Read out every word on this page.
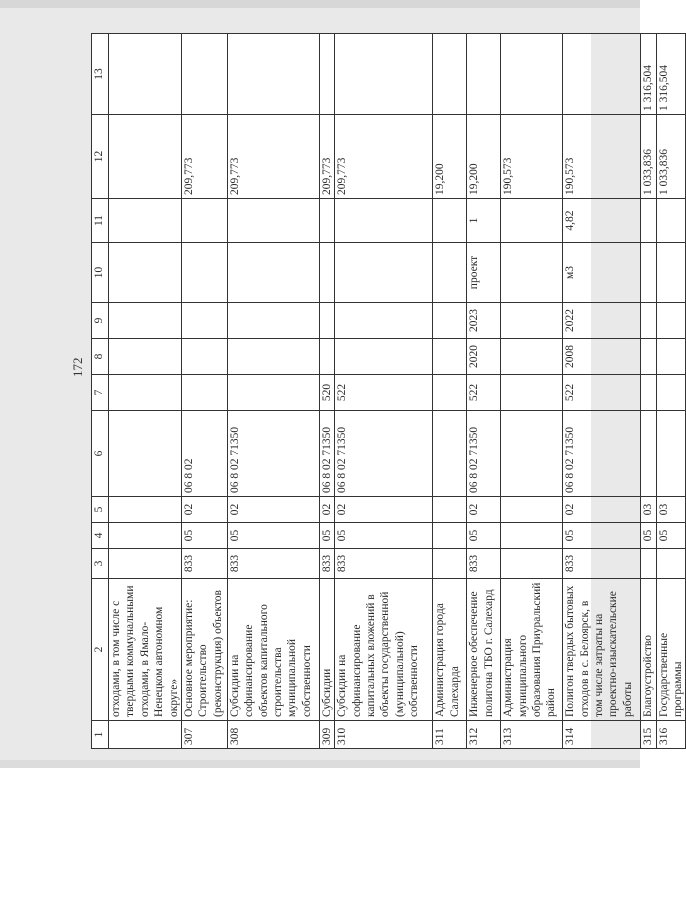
172
1	2	3	4	5	6	7	8	9	10	11	12	13
	отходами, в том числе с твердыми коммунальными отходами, в Ямало-Ненецком автономном округе»											
307	Основное мероприятие: Строительство (реконструкция) объектов	833	05	02	06 8 02						209,773	
308	Субсидии на софинансирование объектов капитального строительства муниципальной собственности	833	05	02	06 8 02 71350						209,773	
309	Субсидии	833	05	02	06 8 02 71350	520					209,773	
310	Субсидии на софинансирование капитальных вложений в объекты государственной (муниципальной) собственности	833	05	02	06 8 02 71350	522					209,773	
311	Администрация города Салехарда										19,200	
312	Инженерное обеспечение полигона ТБО г. Салехард	833	05	02	06 8 02 71350	522	2020	2023	проект	1	19,200	
313	Администрация муниципального образования Приуральский район										190,573	
314	Полигон твердых бытовых отходов в с. Белоярск, в том числе затраты на проектно-изыскательские работы	833	05	02	06 8 02 71350	522	2008	2022	м3	4,82	190,573	
315	Благоустройство		05	03							1 033,836	1 316,504
316	Государственные программы		05	03							1 033,836	1 316,504
